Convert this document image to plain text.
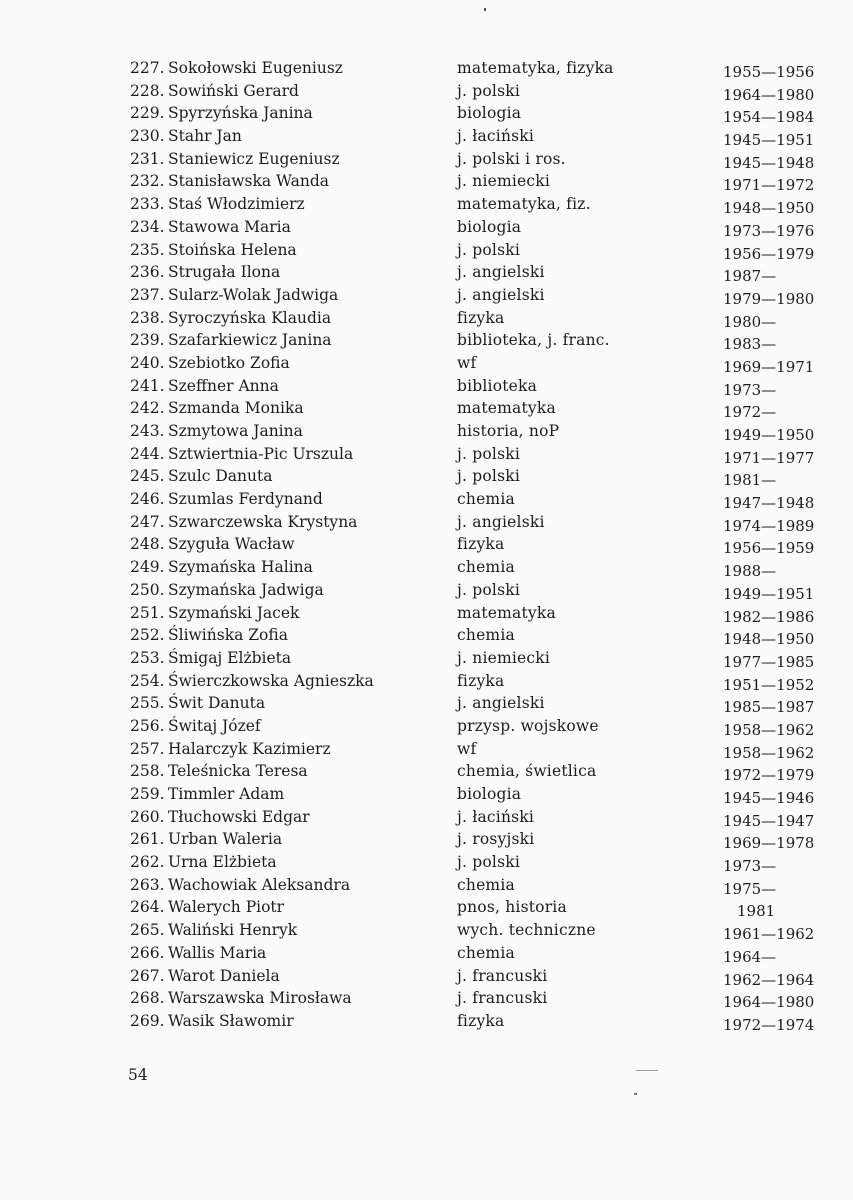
227. Sokołowski Eugeniusz	matematyka, fizyka	1955—1956
228. Sowiński Gerard	j. polski	1964—1980
229. Spyrzyńska Janina	biologia	1954—1984
230. Stahr Jan	j. łaciński	1945—1951
231. Staniewicz Eugeniusz	j. polski i ros.	1945—1948
232. Stanisławska Wanda	j. niemiecki	1971—1972
233. Staś Włodzimierz	matematyka, fiz.	1948—1950
234. Stawowa Maria	biologia	1973—1976
235. Stoińska Helena	j. polski	1956—1979
236. Strugała Ilona	j. angielski	1987—
237. Sularz-Wolak Jadwiga	j. angielski	1979—1980
238. Syroczyńska Klaudia	fizyka	1980—
239. Szafarkiewicz Janina	biblioteka, j. franc.	1983—
240. Szebiotko Zofia	wf	1969—1971
241. Szeffner Anna	biblioteka	1973—
242. Szmanda Monika	matematyka	1972—
243. Szmytowa Janina	historia, noP	1949—1950
244. Sztwiertnia-Pic Urszula	j. polski	1971—1977
245. Szulc Danuta	j. polski	1981—
246. Szumlas Ferdynand	chemia	1947—1948
247. Szwarczewska Krystyna	j. angielski	1974—1989
248. Szyguła Wacław	fizyka	1956—1959
249. Szymańska Halina	chemia	1988—
250. Szymańska Jadwiga	j. polski	1949—1951
251. Szymański Jacek	matematyka	1982—1986
252. Śliwińska Zofia	chemia	1948—1950
253. Śmigaj Elżbieta	j. niemiecki	1977—1985
254. Świerczkowska Agnieszka	fizyka	1951—1952
255. Świt Danuta	j. angielski	1985—1987
256. Świtaj Józef	przysp. wojskowe	1958—1962
257. Halarczyk Kazimierz	wf	1958—1962
258. Teleśnicka Teresa	chemia, świetlica	1972—1979
259. Timmler Adam	biologia	1945—1946
260. Tłuchowski Edgar	j. łaciński	1945—1947
261. Urban Waleria	j. rosyjski	1969—1978
262. Urna Elżbieta	j. polski	1973—
263. Wachowiak Aleksandra	chemia	1975—
264. Walerych Piotr	pnos, historia	1981
265. Waliński Henryk	wych. techniczne	1961—1962
266. Wallis Maria	chemia	1964—
267. Warot Daniela	j. francuski	1962—1964
268. Warszawska Mirosława	j. francuski	1964—1980
269. Wasik Sławomir	fizyka	1972—1974
54
